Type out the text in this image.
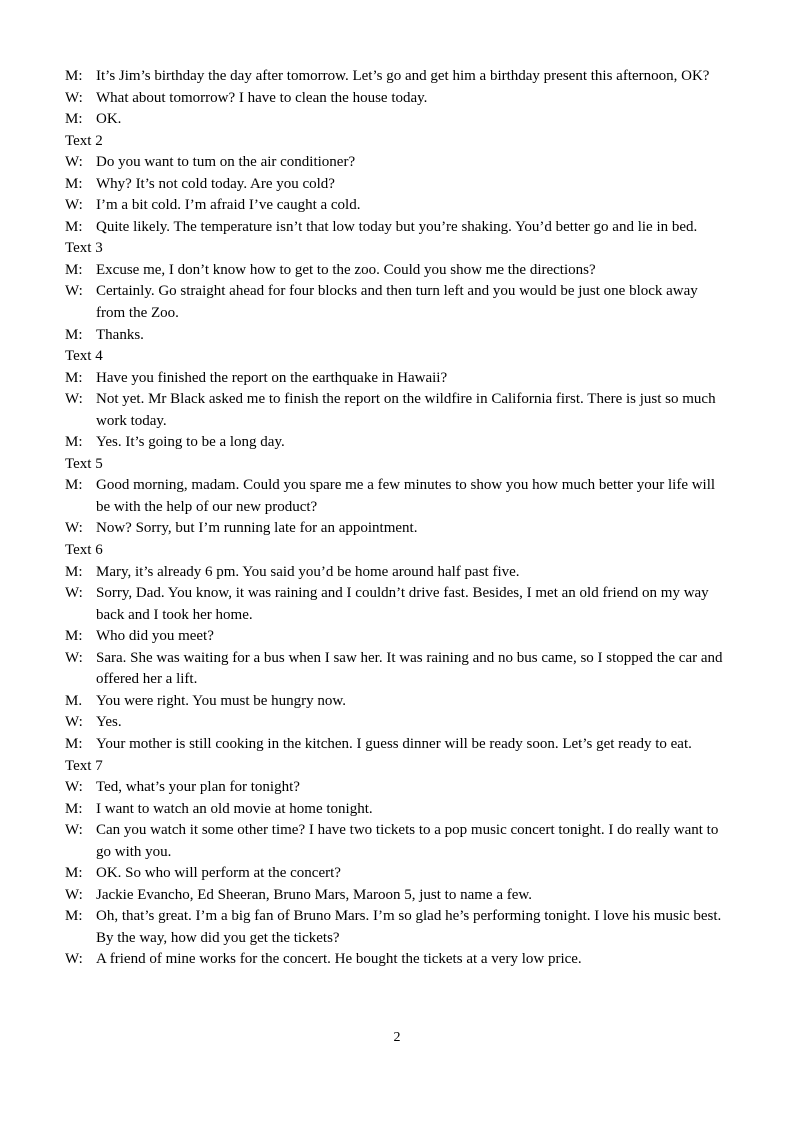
M: It’s Jim’s birthday the day after tomorrow. Let’s go and get him a birthday present this afternoon, OK?
W: What about tomorrow? I have to clean the house today.
M: OK.
Text 2
W: Do you want to tum on the air conditioner?
M: Why? It’s not cold today. Are you cold?
W: I’m a bit cold. I’m afraid I’ve caught a cold.
M: Quite likely. The temperature isn’t that low today but you’re shaking. You’d better go and lie in bed.
Text 3
M: Excuse me, I don’t know how to get to the zoo. Could you show me the directions?
W: Certainly. Go straight ahead for four blocks and then turn left and you would be just one block away from the Zoo.
M: Thanks.
Text 4
M: Have you finished the report on the earthquake in Hawaii?
W: Not yet. Mr Black asked me to finish the report on the wildfire in California first. There is just so much work today.
M: Yes. It’s going to be a long day.
Text 5
M: Good morning, madam. Could you spare me a few minutes to show you how much better your life will be with the help of our new product?
W: Now? Sorry, but I’m running late for an appointment.
Text 6
M: Mary, it’s already 6 pm. You said you’d be home around half past five.
W: Sorry, Dad. You know, it was raining and I couldn’t drive fast. Besides, I met an old friend on my way back and I took her home.
M: Who did you meet?
W: Sara. She was waiting for a bus when I saw her. It was raining and no bus came, so I stopped the car and offered her a lift.
M. You were right. You must be hungry now.
W: Yes.
M: Your mother is still cooking in the kitchen. I guess dinner will be ready soon. Let’s get ready to eat.
Text 7
W: Ted, what’s your plan for tonight?
M: I want to watch an old movie at home tonight.
W: Can you watch it some other time? I have two tickets to a pop music concert tonight. I do really want to go with you.
M: OK. So who will perform at the concert?
W: Jackie Evancho, Ed Sheeran, Bruno Mars, Maroon 5, just to name a few.
M: Oh, that’s great. I’m a big fan of Bruno Mars. I’m so glad he’s performing tonight. I love his music best. By the way, how did you get the tickets?
W: A friend of mine works for the concert. He bought the tickets at a very low price.
2
